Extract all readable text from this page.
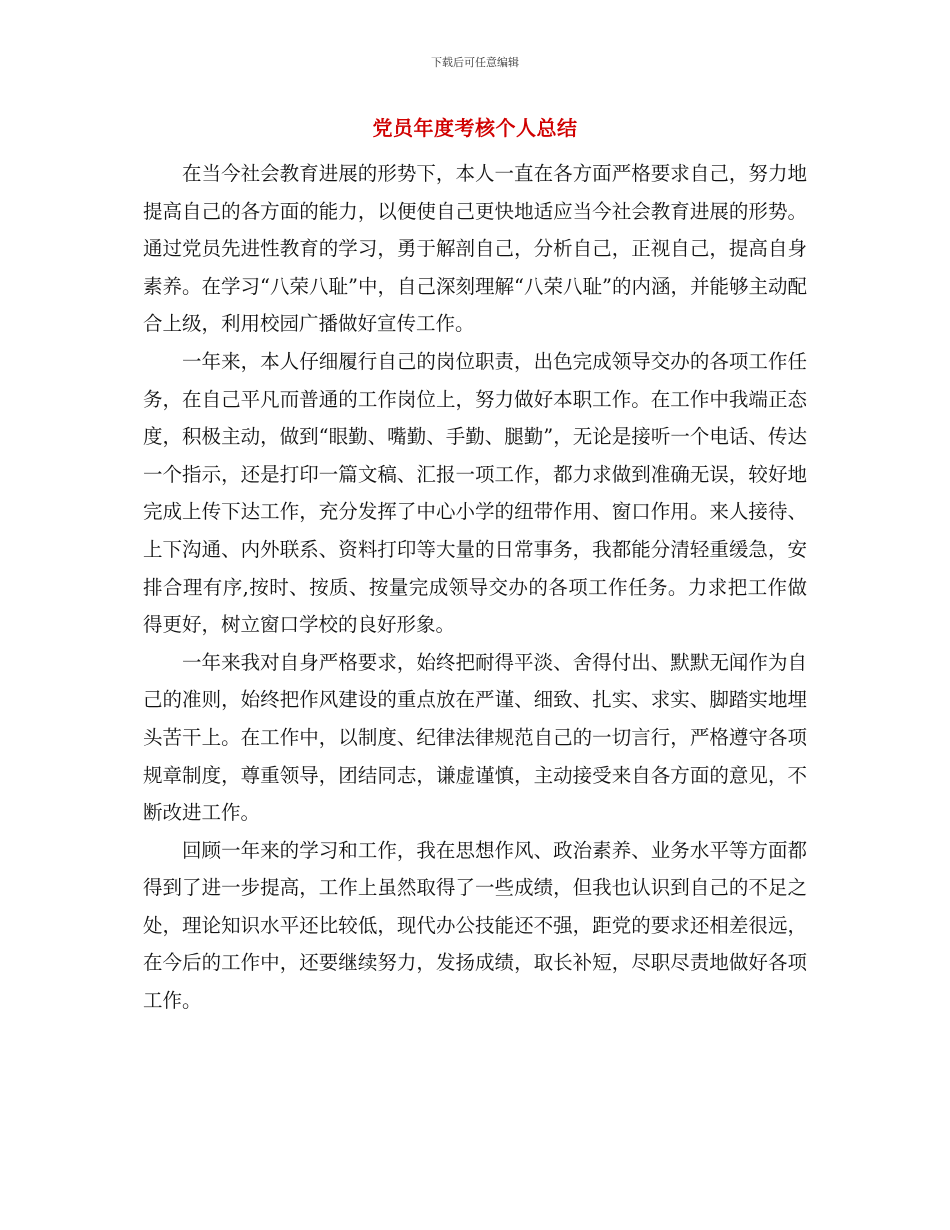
下载后可任意编辑
党员年度考核个人总结

在当今社会教育进展的形势下，本人一直在各方面严格要求自己，努力地提高自己的各方面的能力，以便使自己更快地适应当今社会教育进展的形势。通过党员先进性教育的学习，勇于解剖自己，分析自己，正视自己，提高自身素养。在学习“八荣八耻”中，自己深刻理解“八荣八耻”的内涵，并能够主动配合上级，利用校园广播做好宣传工作。

一年来，本人仔细履行自己的岗位职责，出色完成领导交办的各项工作任务，在自己平凡而普通的工作岗位上，努力做好本职工作。在工作中我端正态度，积极主动，做到“眼勤、嘴勤、手勤、腿勤”，无论是接听一个电话、传达一个指示，还是打印一篇文稿、汇报一项工作，都力求做到准确无误，较好地完成上传下达工作，充分发挥了中心小学的纽带作用、窗口作用。来人接待、上下沟通、内外联系、资料打印等大量的日常事务，我都能分清轻重缓急，安排合理有序,按时、按质、按量完成领导交办的各项工作任务。力求把工作做得更好，树立窗口学校的良好形象。

一年来我对自身严格要求，始终把耐得平淡、舍得付出、默默无闻作为自己的准则，始终把作风建设的重点放在严谨、细致、扎实、求实、脚踏实地埋头苦干上。在工作中，以制度、纪律法律规范自己的一切言行，严格遵守各项规章制度，尊重领导，团结同志，谦虚谨慎，主动接受来自各方面的意见，不断改进工作。

回顾一年来的学习和工作，我在思想作风、政治素养、业务水平等方面都得到了进一步提高，工作上虽然取得了一些成绩，但我也认识到自己的不足之处，理论知识水平还比较低，现代办公技能还不强，距党的要求还相差很远，在今后的工作中，还要继续努力，发扬成绩，取长补短，尽职尽责地做好各项工作。
